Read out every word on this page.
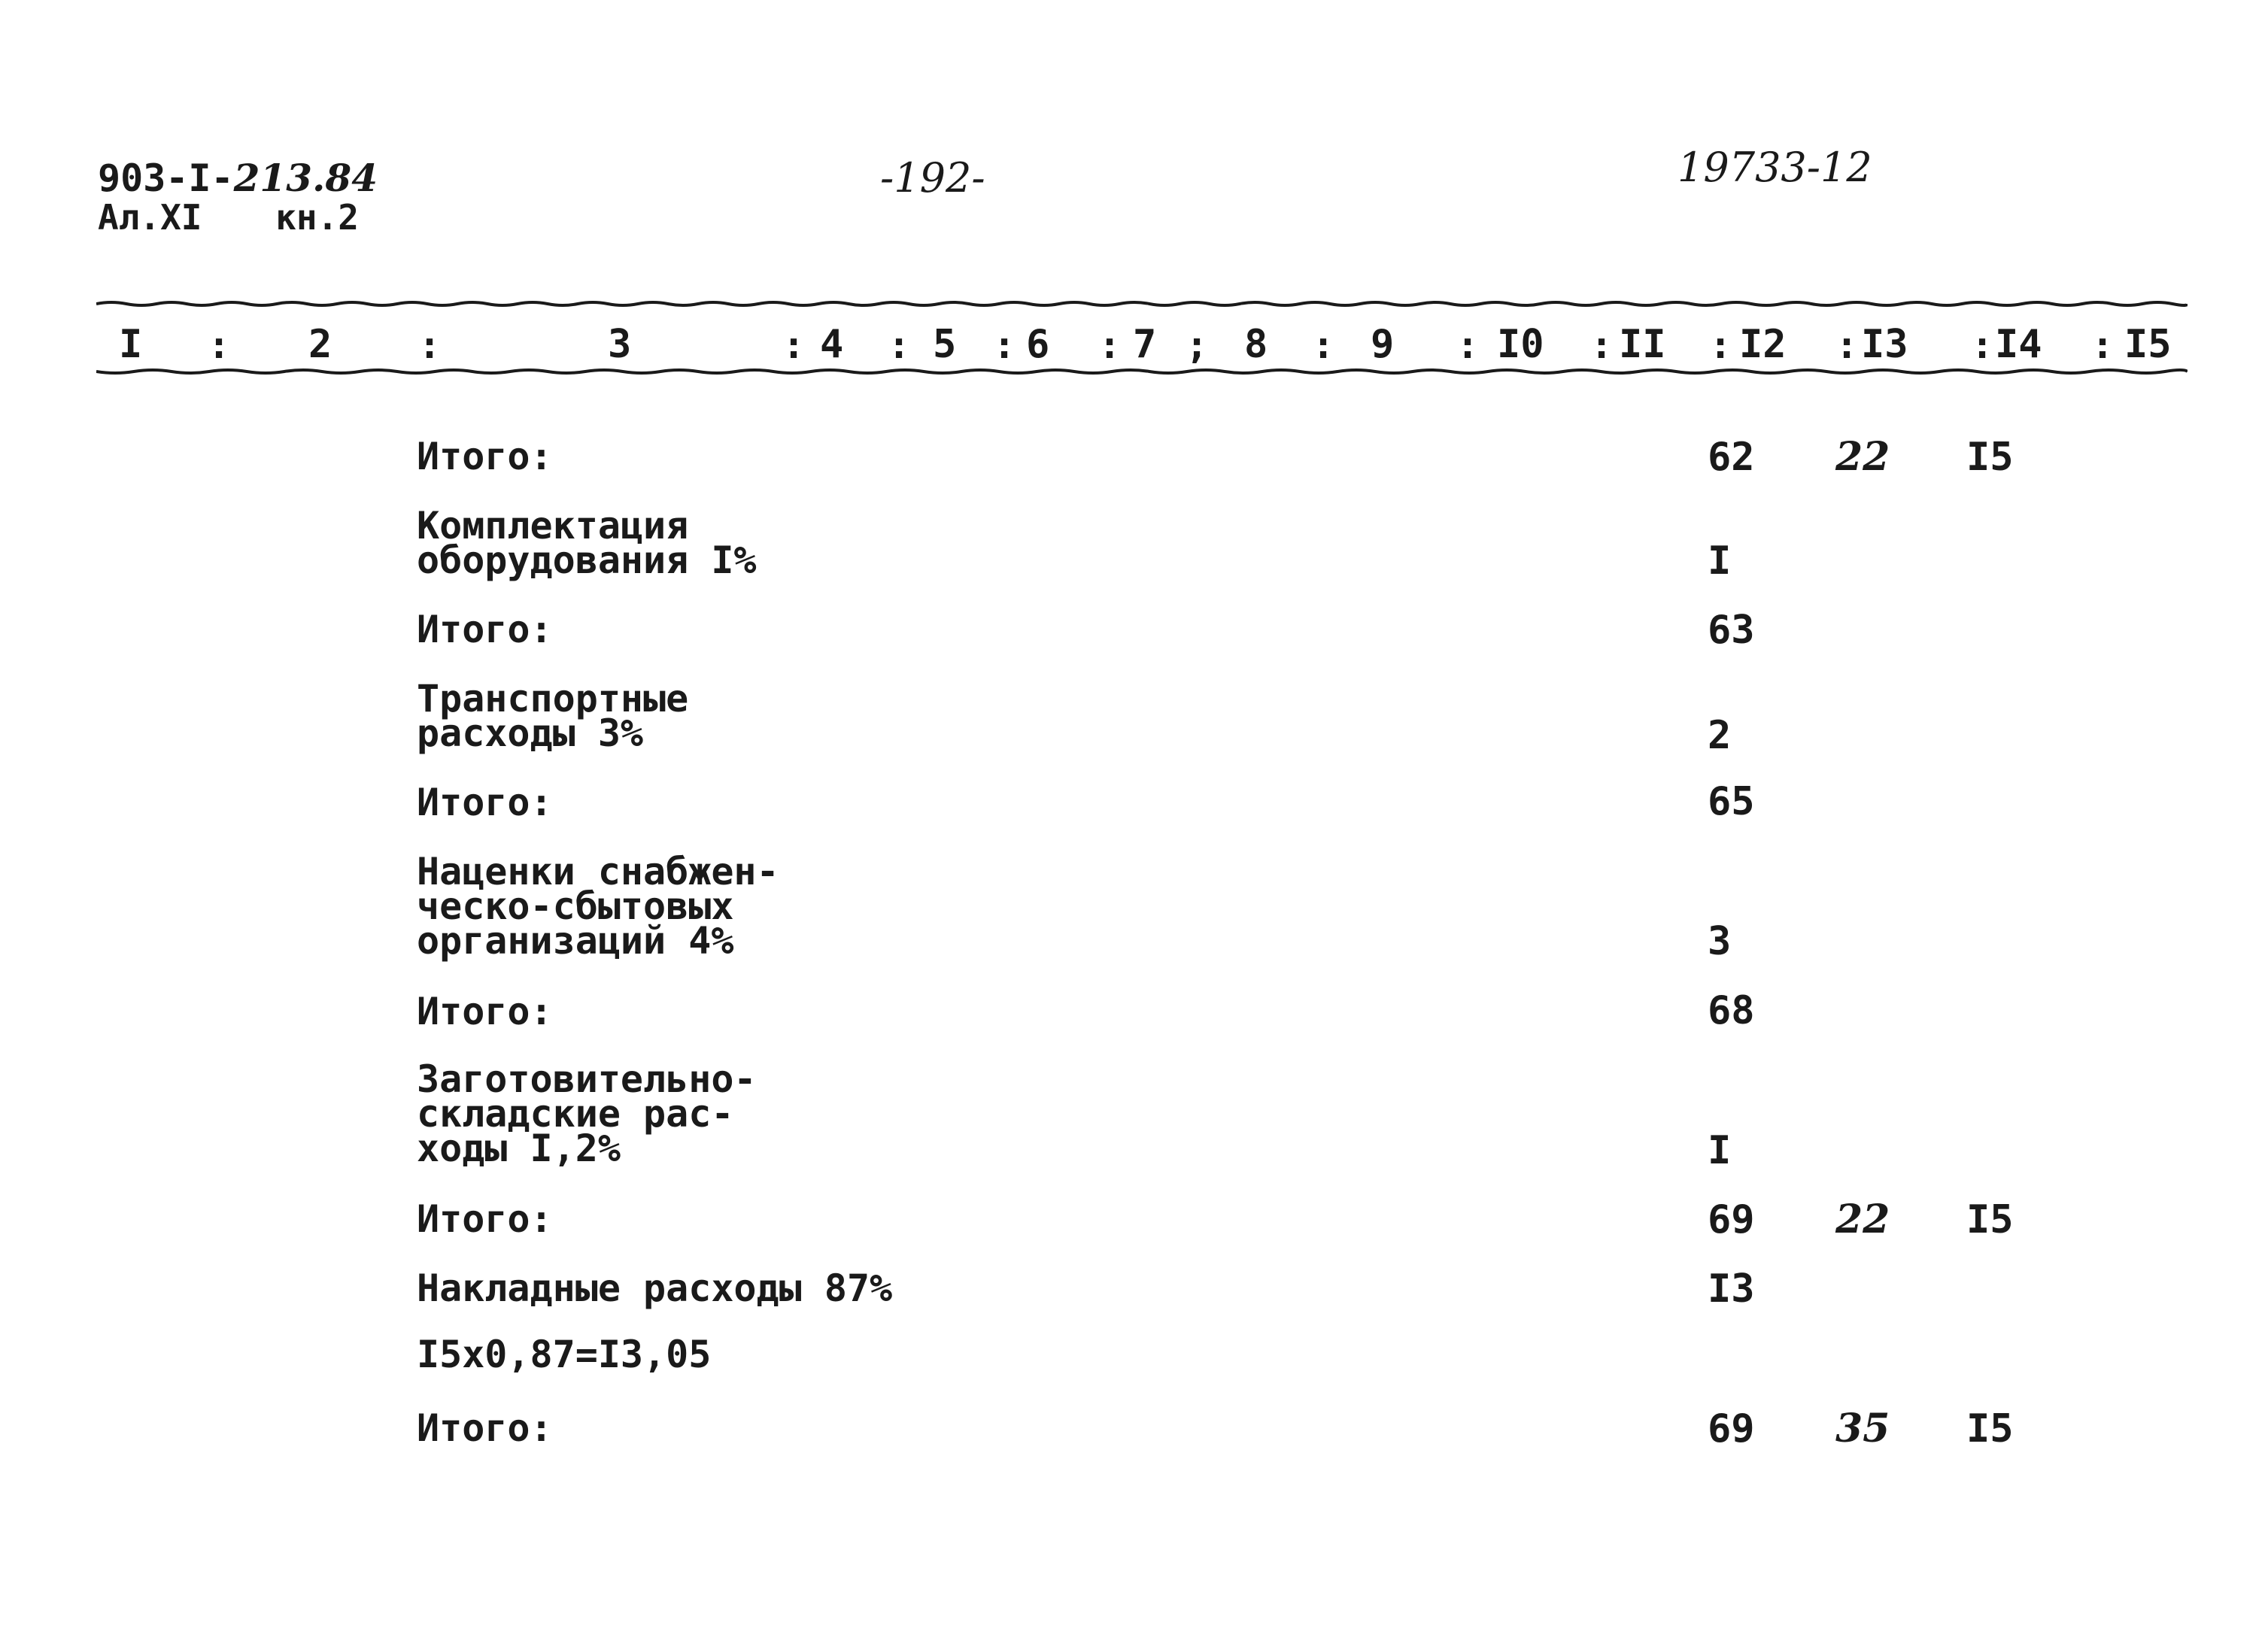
903-I-213.84
Ал.XI кн.2
-192-	19733-12
I : 2 :	3	: 4 : 5 : 6 : 7 ; 8 : 9 : I0 : II : I2 : I3 : I4 : I5
Итого:	62 22 I5
Комплектация
оборудования I%	I
Итого:	63
Транспортные
расходы 3%	2
Итого:	65
Наценки снабжен-
ческо-сбытовых
организаций 4%	3
Итого:	68
Заготовительно-
складские рас-
ходы I,2%	I
Итого:	69 22 I5
Накладные расходы 87%	I3
I5x0,87=I3,05
Итого:	69 35 I5
